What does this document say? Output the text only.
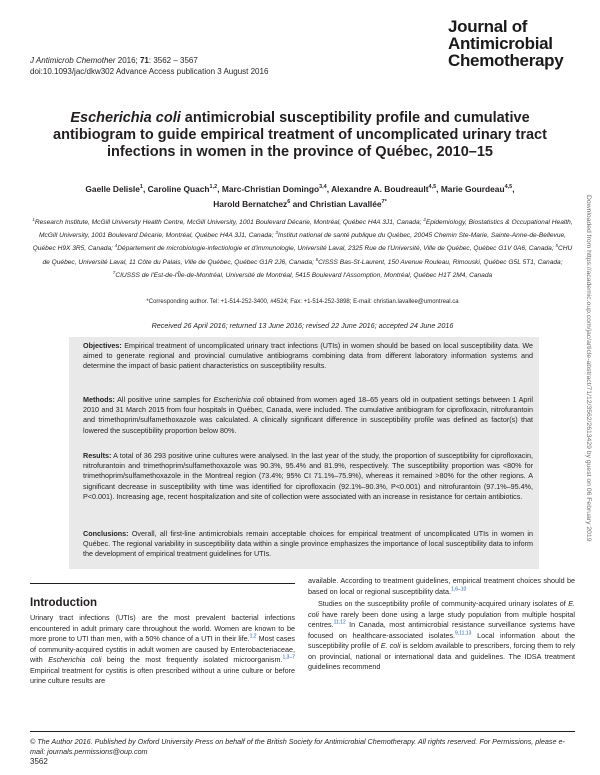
J Antimicrob Chemother 2016; 71: 3562 – 3567
doi:10.1093/jac/dkw302 Advance Access publication 3 August 2016
Journal of
Antimicrobial
Chemotherapy
Escherichia coli antimicrobial susceptibility profile and cumulative antibiogram to guide empirical treatment of uncomplicated urinary tract infections in women in the province of Québec, 2010–15
Gaelle Delisle$^1$, Caroline Quach$^{1,2}$, Marc-Christian Domingo$^{3,4}$, Alexandre A. Boudreault$^{4,5}$, Marie Gourdeau$^{4,5}$,
Harold Bernatchez$^6$ and Christian Lavallée$^{7*}$
$^1$Research Institute, McGill University Health Centre, McGill University, 1001 Boulevard Décarie, Montréal, Québec H4A 3J1, Canada; $^2$Epidemiology, Biostatistics & Occupational Health, McGill University, 1001 Boulevard Décarie, Montréal, Québec H4A 3J1, Canada; $^3$Institut national de santé publique du Québec, 20045 Chemin Ste-Marie, Sainte-Anne-de-Bellevue, Québec H9X 3R5, Canada; $^4$Département de microbiologie-infectiologie et d'immunologie, Université Laval, 2325 Rue de l'Université, Ville de Québec, Québec G1V 0A6, Canada; $^5$CHU de Québec, Université Laval, 11 Côte du Palais, Ville de Québec, Québec G1R 2J6, Canada; $^6$CISSS Bas-St-Laurent, 150 Avenue Rouleau, Rimouski, Québec G5L 5T1, Canada; $^7$CIUSSS de l'Est-de-l'Île-de-Montréal, Université de Montréal, 5415 Boulevard l'Assomption, Montréal, Québec H1T 2M4, Canada
*Corresponding author. Tel: +1-514-252-3400, #4524; Fax: +1-514-252-3898; E-mail: christian.lavallee@umontreal.ca
Received 26 April 2016; returned 13 June 2016; revised 22 June 2016; accepted 24 June 2016
Objectives: Empirical treatment of uncomplicated urinary tract infections (UTIs) in women should be based on local susceptibility data. We aimed to generate regional and provincial cumulative antibiograms combining data from different laboratory information systems and determine the impact of basic patient characteristics on susceptibility results.
Methods: All positive urine samples for Escherichia coli obtained from women aged 18–65 years old in outpatient settings between 1 April 2010 and 31 March 2015 from four hospitals in Québec, Canada, were included. The cumulative antibiogram for ciprofloxacin, nitrofurantoin and trimethoprim/sulfamethoxazole was calculated. A clinically significant difference in susceptibility profile was defined as factor(s) that lowered the susceptibility proportion below 80%.
Results: A total of 36 293 positive urine cultures were analysed. In the last year of the study, the proportion of susceptibility for ciprofloxacin, nitrofurantoin and trimethoprim/sulfamethoxazole was 90.3%, 95.4% and 81.9%, respectively. The susceptibility proportion was <80% for trimethoprim/sulfamethoxazole in the Montreal region (73.4%; 95% CI 71.1%–75.9%), whereas it remained >80% for the other regions. A significant decrease in susceptibility with time was identified for ciprofloxacin (92.1%–90.3%, P<0.001) and nitrofurantoin (97.1%–95.4%, P<0.001). Increasing age, recent hospitalization and site of collection were associated with an increase in resistance for certain antibiotics.
Conclusions: Overall, all first-line antimicrobials remain acceptable choices for empirical treatment of uncomplicated UTIs in women in Québec. The regional variability in susceptibility data within a single province emphasizes the importance of local susceptibility data to inform the development of empirical treatment guidelines for UTIs.
Introduction
Urinary tract infections (UTIs) are the most prevalent bacterial infections encountered in adult primary care throughout the world. Women are known to be more prone to UTI than men, with a 50% chance of a UTI in their life.$^{1,2}$ Most cases of community-acquired cystitis in adult women are caused by Enterobacteriaceae, with Escherichia coli being the most frequently isolated microorganism.$^{1,3-7}$ Empirical treatment for cystitis is often prescribed without a urine culture or before urine culture results are
available. According to treatment guidelines, empirical treatment choices should be based on local or regional susceptibility data.$^{1,6-10}$
Studies on the susceptibility profile of community-acquired urinary isolates of E. coli have rarely been done using a large study population from multiple hospital centres.$^{11,12}$ In Canada, most antimicrobial resistance surveillance systems have focused on healthcare-associated isolates.$^{9,11,13}$ Local information about the susceptibility profile of E. coli is seldom available to prescribers, forcing them to rely on provincial, national or international data and guidelines. The IDSA treatment guidelines recommend
© The Author 2016. Published by Oxford University Press on behalf of the British Society for Antimicrobial Chemotherapy. All rights reserved. For Permissions, please e-mail: journals.permissions@oup.com
3562
Downloaded from https://academic.oup.com/jac/article-abstract/71/12/3562/2613429 by guest on 06 February 2019
